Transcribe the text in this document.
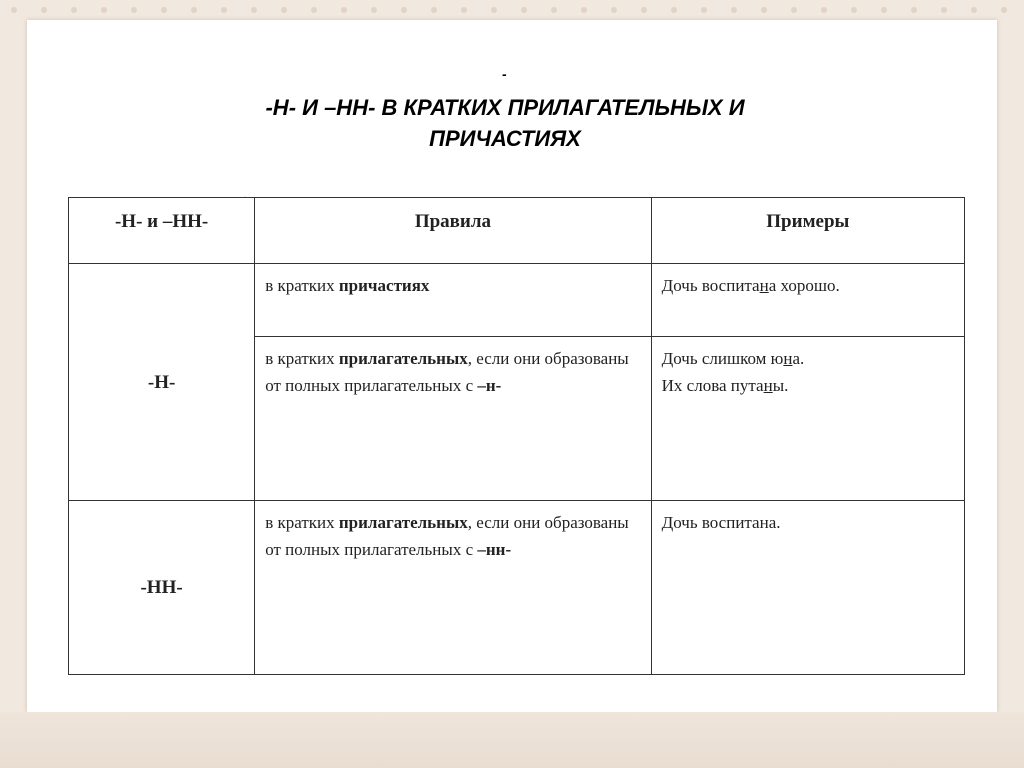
-
-Н- И –НН- В КРАТКИХ ПРИЛАГАТЕЛЬНЫХ И
ПРИЧАСТИЯХ
.
-Н- и –НН-	Правила	Примеры
-Н-	в кратких причастиях	Дочь воспитана хорошо.
	в кратких прилагательных, если они образованы от полных прилагательных с –н-	Дочь слишком юна.
Их слова путаны.

-НН-	в кратких прилагательных, если они образованы от полных прилагательных с –нн-	Дочь воспитана.
